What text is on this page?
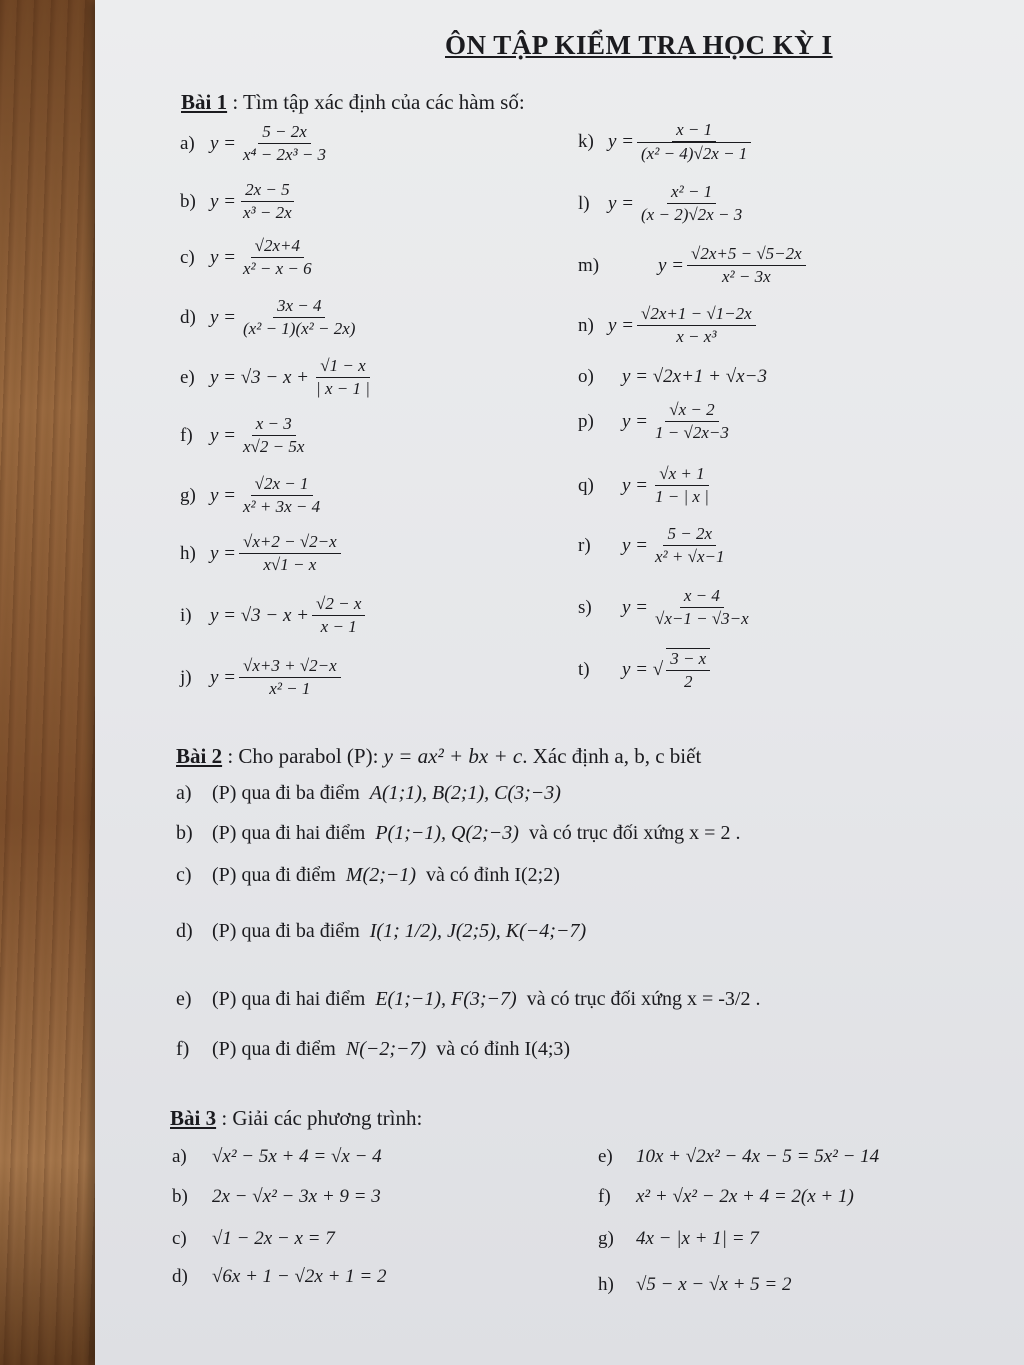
ÔN TẬP KIỂM TRA HỌC KỲ I
Bài 1 : Tìm tập xác định của các hàm số:
a) $y = \frac{5 - 2x}{\text{x⁴ − 2x³ − 3}}$
b) $y = \frac{2x - 5}{\text{x³ − 2x}}$
c) $y = \frac{√2x+4}{\text{x² − x − 6}}$
d) $y = \frac{3x - 4}{\text{(x² − 1)(x² − 2x)}}$
e) $y = √3 - x + \frac{√1 - x}{| x - 1 |}$
f) $y = \frac{x - 3}{x√2 - 5x}$
g) $y = \frac{√2x - 1}{\text{x² + 3x − 4}}$
h) $y = \frac{√x+2 - √2-x}{x√1 - x}$
i) $y = √3 - x + \frac{√2 - x}{x - 1}$
j) $y = \frac{√x+3 + √2-x}{\text{x² − 1}}$
k) $y = \frac{x - 1}{\text{(x² − 4)√2x − 1}}$
l) $y = \frac{\text{x² − 1}}{(x - 2)√2x - 3}$
m)	$y = \frac{√2x+5 - √5-2x}{\text{x² − 3x}}$
n) $y = \frac{√2x+1 - √1-2x}{\text{x − x³}}$
o)	y = √2x+1 + √x−3
p)	$y = \frac{√x - 2}{1 - √2x-3}$
q)	$y = \frac{√x + 1}{1 - | x |}$
r)	$y = \frac{5 - 2x}{\text{x² + √x−1}}$
s)	$y = \frac{x - 4}{√x-1 - √3-x}$
t)	y = √ $\frac{3 - x}{2}$
Bài 2 : Cho parabol (P): y = ax² + bx + c. Xác định a, b, c biết
a)	(P) qua đi ba điểm
A(1;1), B(2;1), C(3;−3)

b) (P) qua đi hai điểm
P(1;−1), Q(2;−3)
và có trục đối xứng x = 2 .
c)	(P) qua đi điểm
M(2;−1)
và có đỉnh I(2;2)
d) (P) qua đi ba điểm
I(1; 1/2), J(2;5), K(−4;−7)

e)	(P) qua đi hai điểm
E(1;−1), F(3;−7)
và có trục đối xứng x = -3/2 .
f)	(P) qua đi điểm
N(−2;−7)
và có đỉnh I(4;3)
Bài 3 : Giải các phương trình:
a)	√x² − 5x + 4 = √x − 4
b)	2x − √x² − 3x + 9 = 3
c)	√1 − 2x − x = 7
d)	√6x + 1 − √2x + 1 = 2
e)	10x + √2x² − 4x − 5 = 5x² − 14
f)	x² + √x² − 2x + 4 = 2(x + 1)
g)	4x − |x + 1| = 7
h)	√5 − x − √x + 5 = 2
